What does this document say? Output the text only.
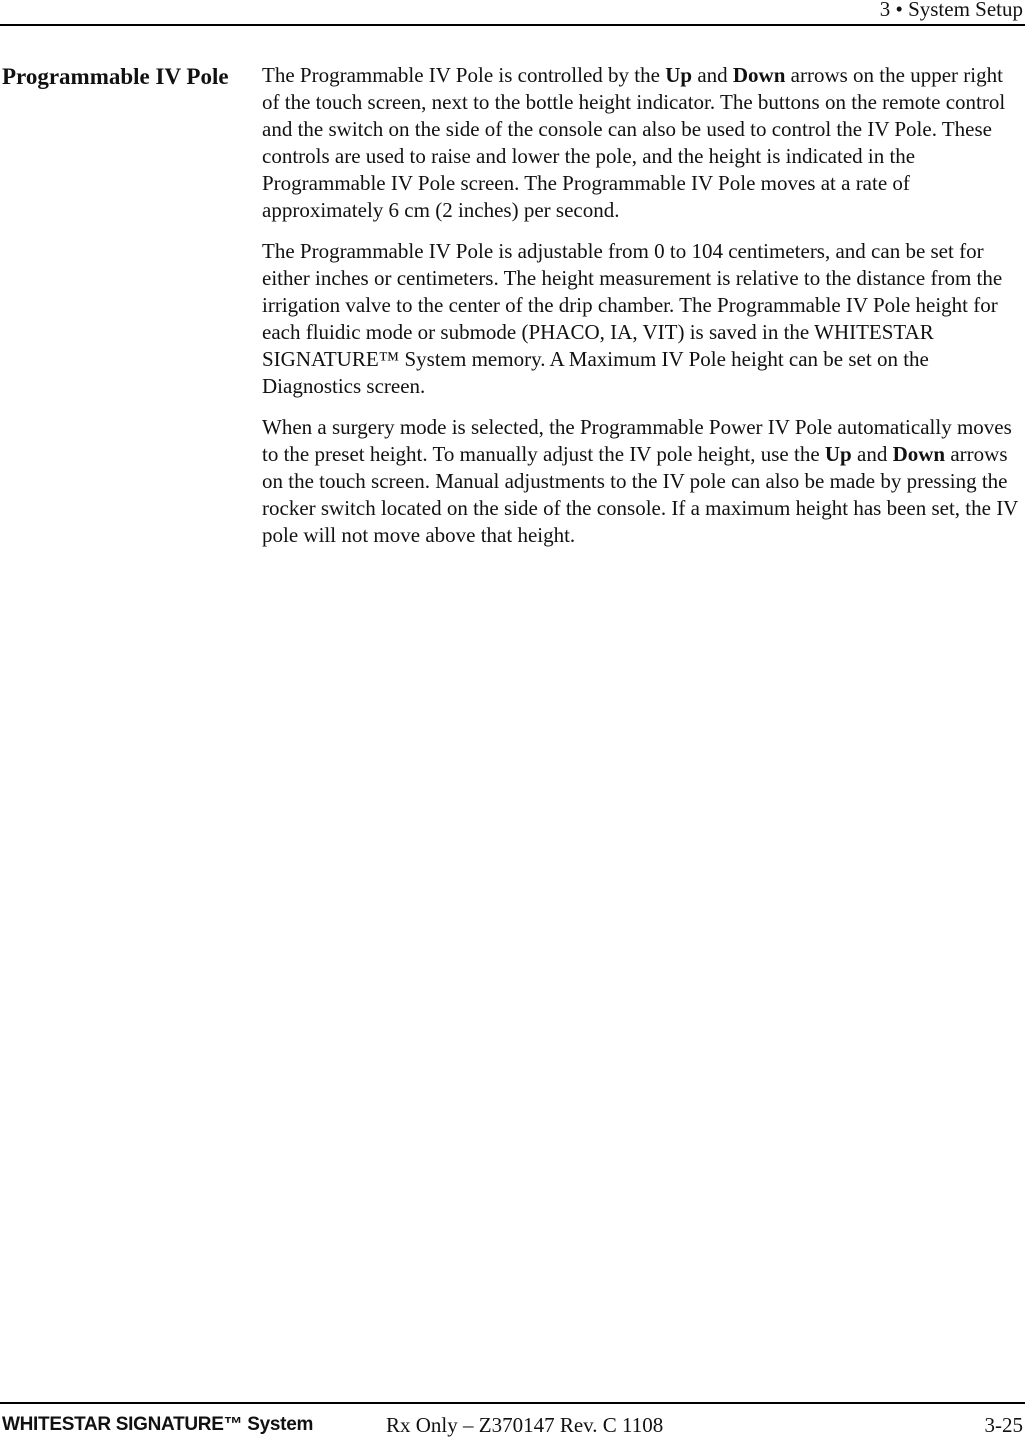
3 • System Setup
Programmable IV Pole The Programmable IV Pole is controlled by the Up and Down arrows on the upper right of the touch screen, next to the bottle height indicator. The buttons on the remote control and the switch on the side of the console can also be used to control the IV Pole. These controls are used to raise and lower the pole, and the height is indicated in the Programmable IV Pole screen. The Programmable IV Pole moves at a rate of approximately 6 cm (2 inches) per second.

The Programmable IV Pole is adjustable from 0 to 104 centimeters, and can be set for either inches or centimeters. The height measurement is relative to the distance from the irrigation valve to the center of the drip chamber. The Programmable IV Pole height for each fluidic mode or submode (PHACO, IA, VIT) is saved in the WHITESTAR SIGNATURE™ System memory. A Maximum IV Pole height can be set on the Diagnostics screen.

When a surgery mode is selected, the Programmable Power IV Pole automatically moves to the preset height. To manually adjust the IV pole height, use the Up and Down arrows on the touch screen. Manual adjustments to the IV pole can also be made by pressing the rocker switch located on the side of the console. If a maximum height has been set, the IV pole will not move above that height.

WHITESTAR SIGNATURE™ System	Rx Only – Z370147 Rev. C 1108	3-25
